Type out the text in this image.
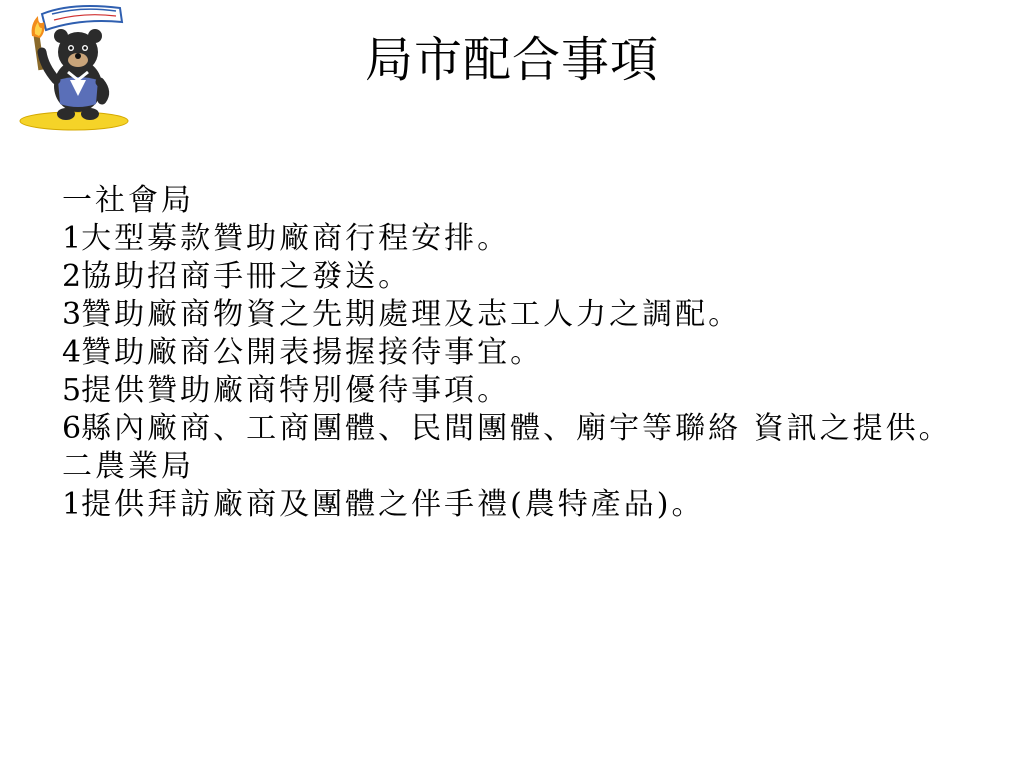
局市配合事項
一社會局
1大型募款贊助廠商行程安排。
2協助招商手冊之發送。
3贊助廠商物資之先期處理及志工人力之調配。
4贊助廠商公開表揚握接待事宜。
5提供贊助廠商特別優待事項。
6縣內廠商、工商團體、民間團體、廟宇等聯絡 資訊之提供。
二農業局
1提供拜訪廠商及團體之伴手禮(農特產品)。
